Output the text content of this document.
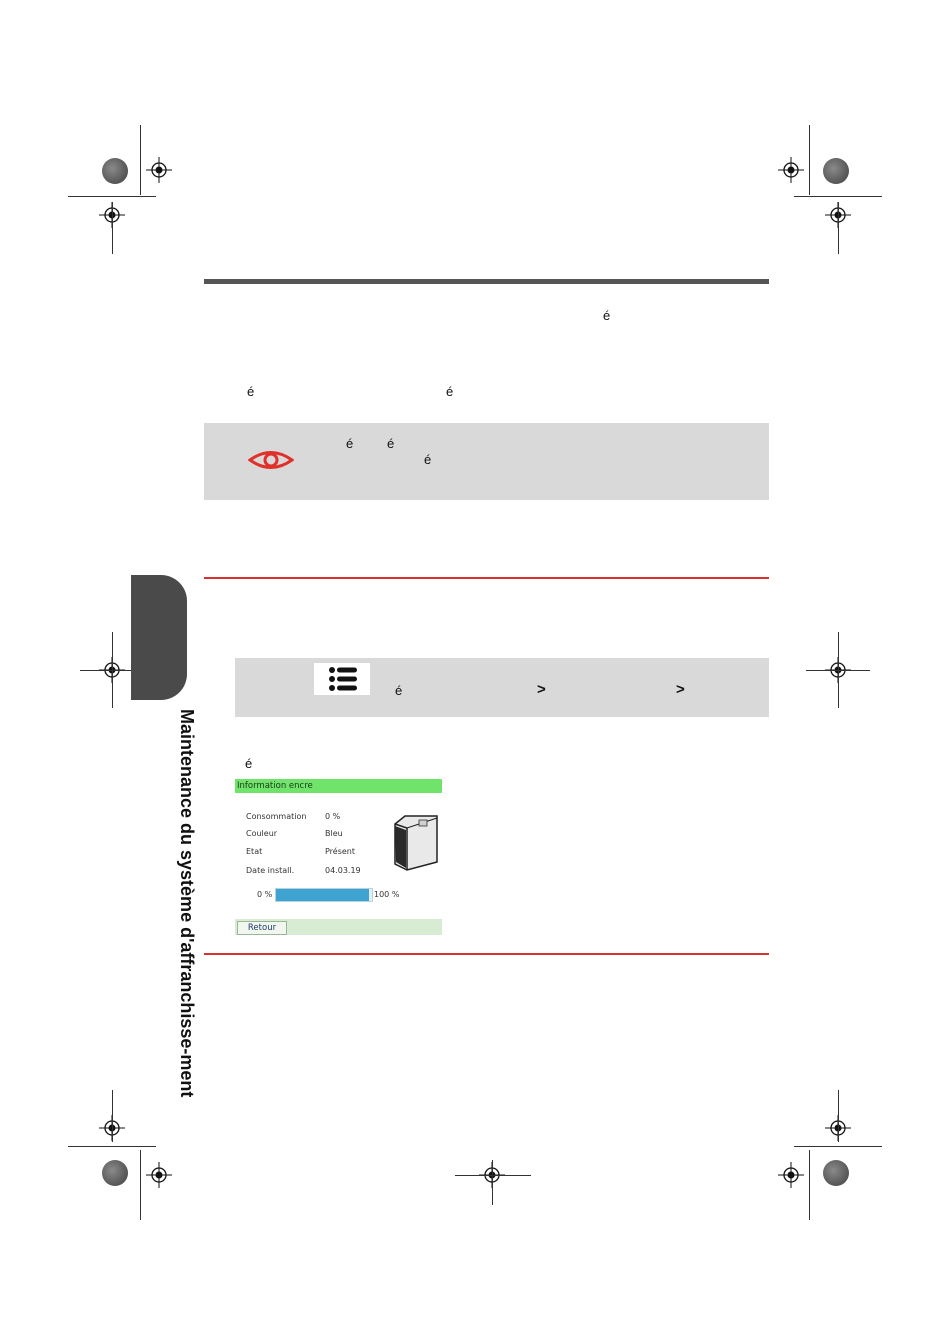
é
é	é
é	é
é
Maintenance du système d'affranchisse-ment
é	>	>
é
Information encre
Consommation 0 %
Couleur	Bleu
Etat	Présent
Date install.	04.03.19
0 %	100 %
Retour
